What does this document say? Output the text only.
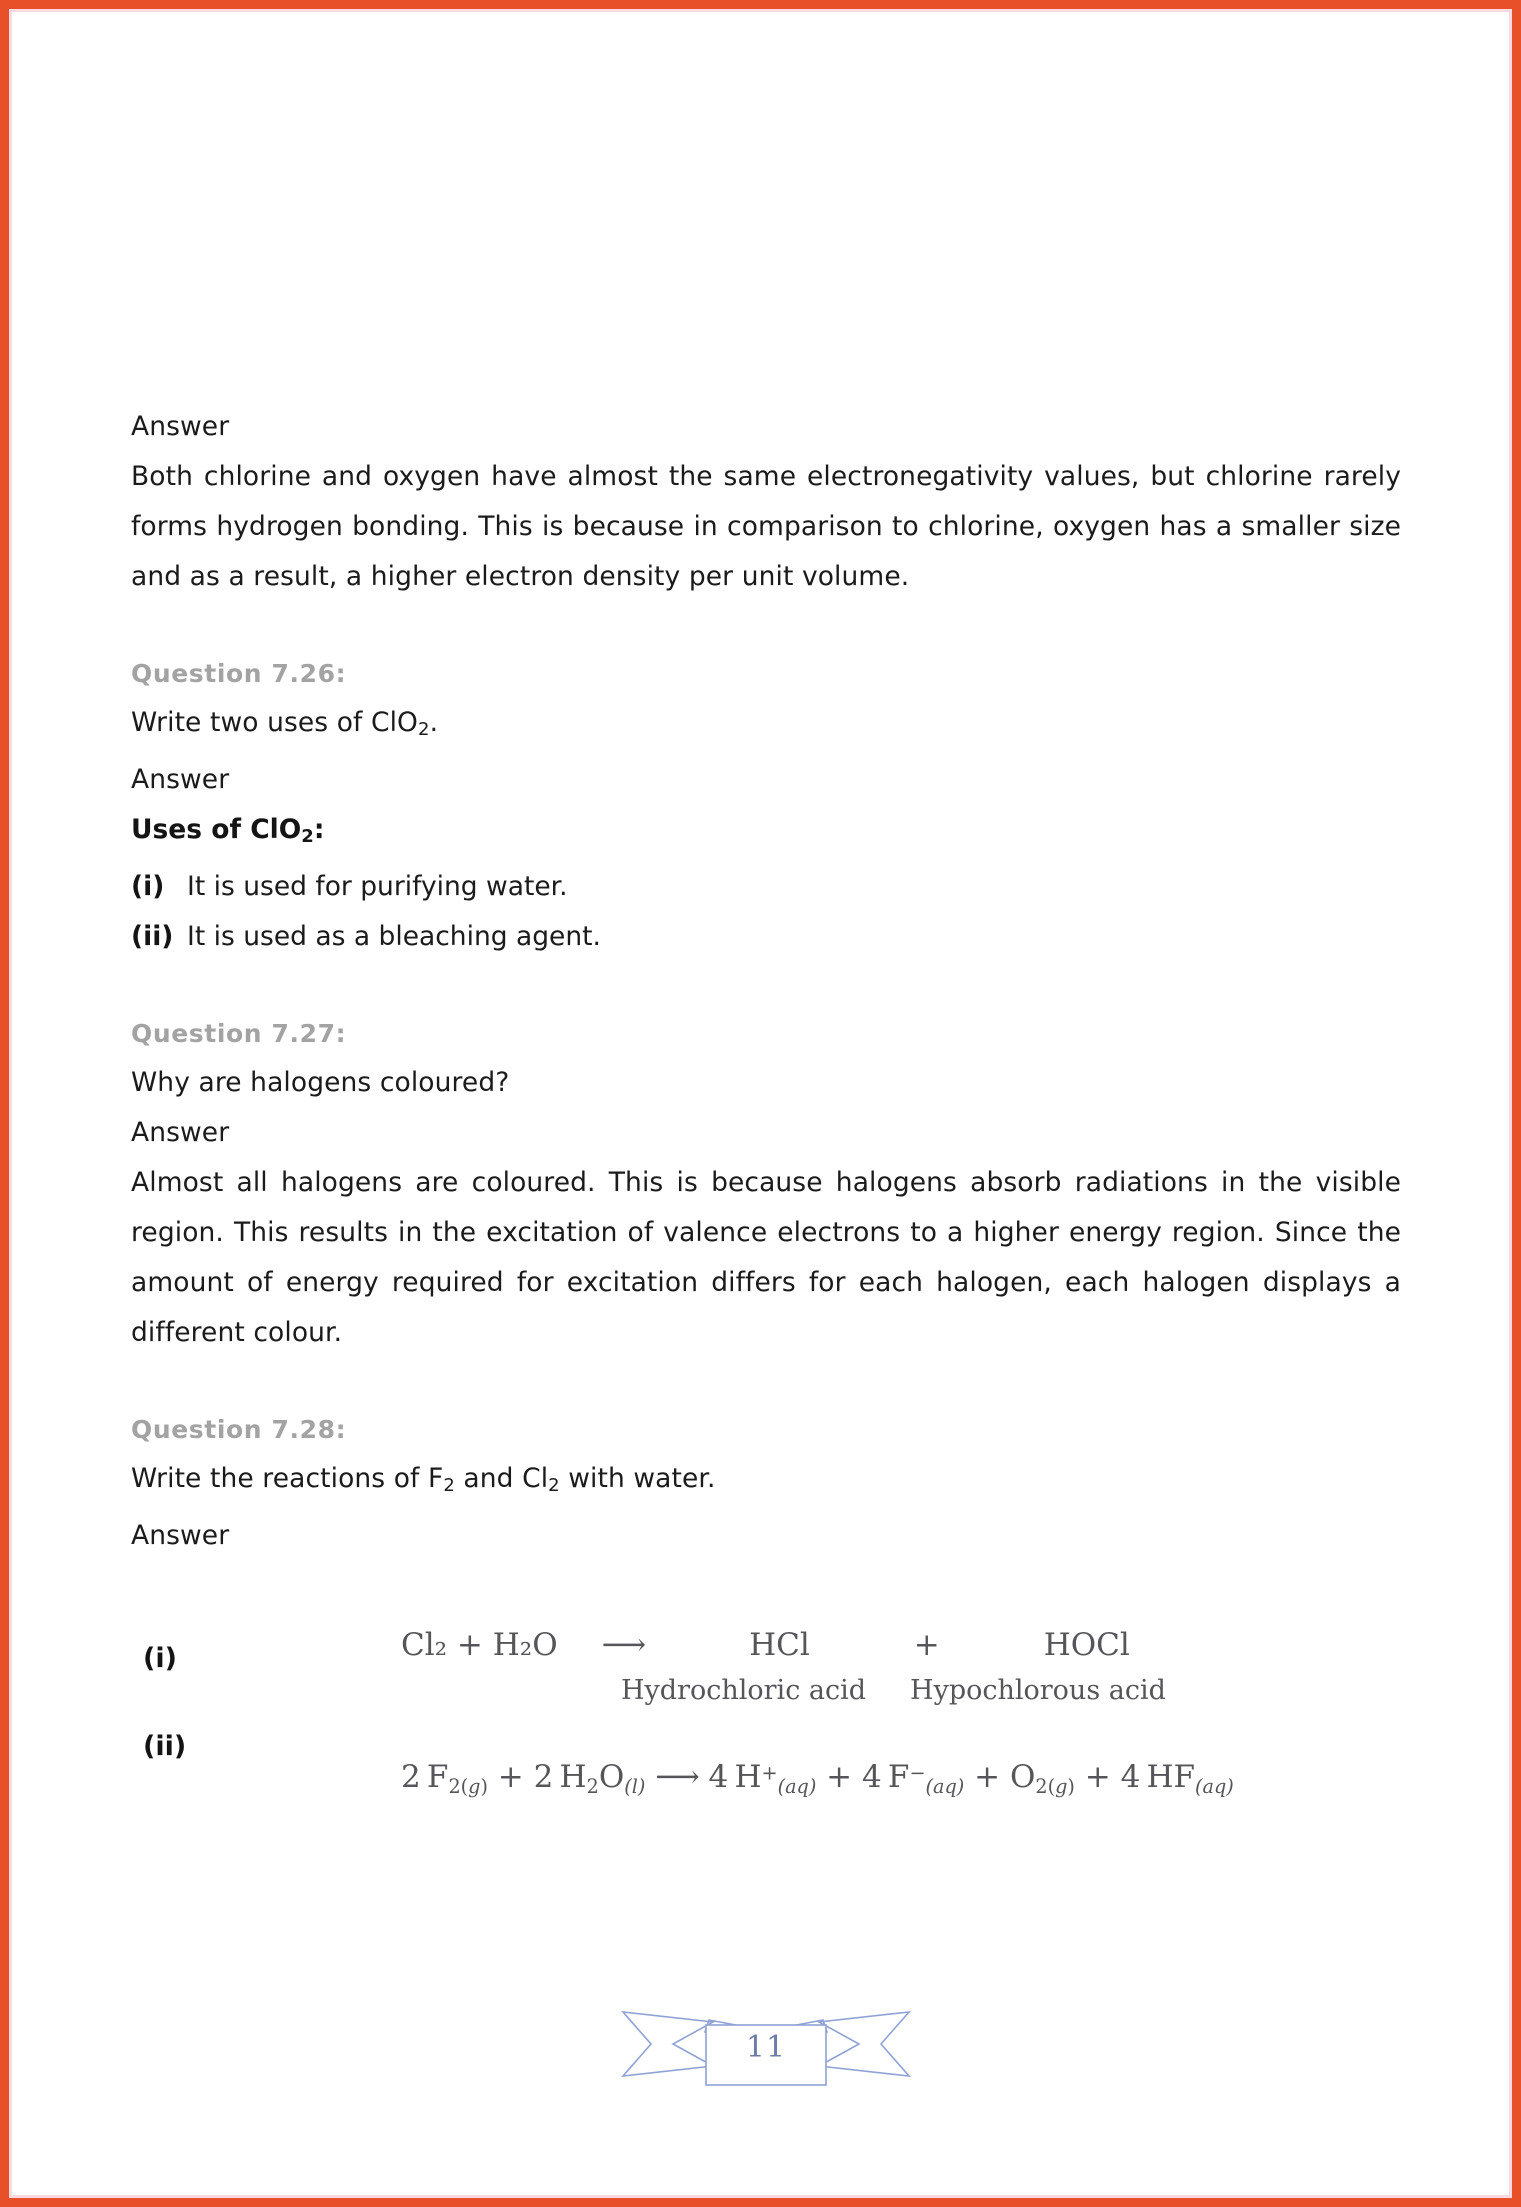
Answer

Both chlorine and oxygen have almost the same electronegativity values, but chlorine rarely forms hydrogen bonding. This is because in comparison to chlorine, oxygen has a smaller size and as a result, a higher electron density per unit volume.

Question 7.26:

Write two uses of ClO$_2$.

Answer

Uses of ClO$_2$:

(i) It is used for purifying water.
(ii) It is used as a bleaching agent.

Question 7.27:

Why are halogens coloured?

Answer

Almost all halogens are coloured. This is because halogens absorb radiations in the visible region. This results in the excitation of valence electrons to a higher energy region. Since the amount of energy required for excitation differs for each halogen, each halogen displays a different colour.

Question 7.28:

Write the reactions of $F_2$ and $Cl_2$ with water.

Answer

(i)	Cl₂ + H₂O ⟶	HCl	+	HOCl
Hydrochloric acid Hypochlorous acid
(ii)
2 F2(g) + 2 H2O(l) ⟶ 4 H+(aq) + 4 F−(aq) + O2(g) + 4 HF(aq)
11
